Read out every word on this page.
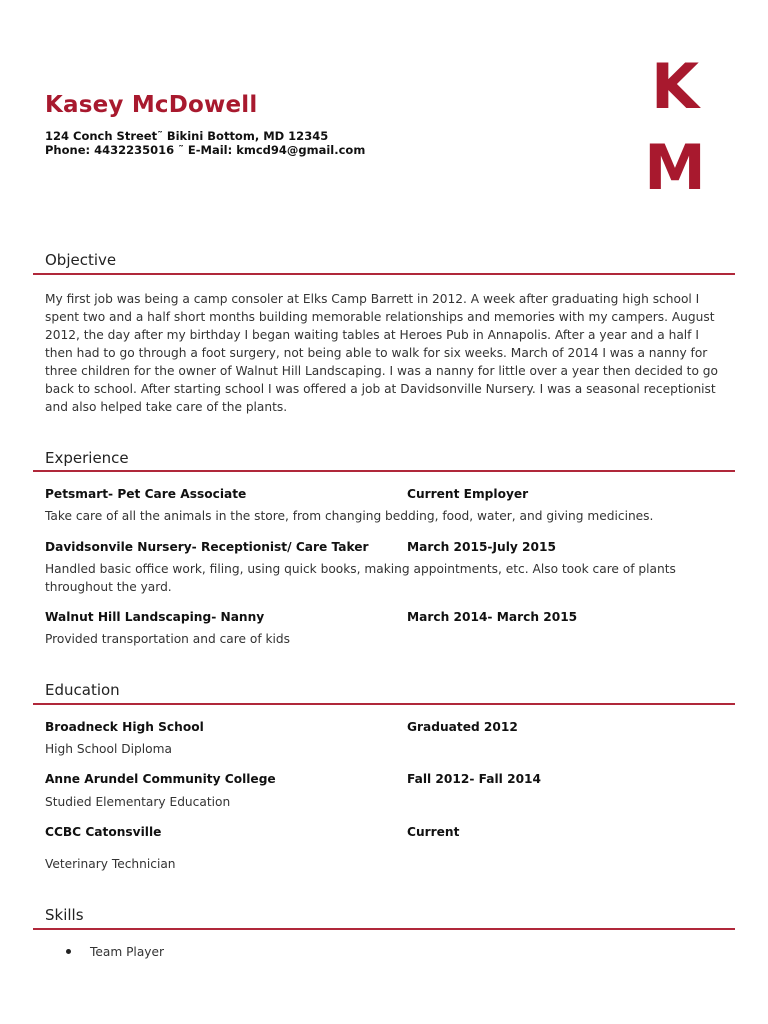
Kasey McDowell
124 Conch Street˜ Bikini Bottom, MD 12345
Phone: 4432235016 ˜ E-Mail: kmcd94@gmail.com
K
M
Objective
My first job was being a camp consoler at Elks Camp Barrett in 2012. A week after graduating high school I spent two and a half short months building memorable relationships and memories with my campers. August 2012, the day after my birthday I began waiting tables at Heroes Pub in Annapolis. After a year and a half I then had to go through a foot surgery, not being able to walk for six weeks. March of 2014 I was a nanny for three children for the owner of Walnut Hill Landscaping. I was a nanny for little over a year then decided to go back to school. After starting school I was offered a job at Davidsonville Nursery. I was a seasonal receptionist and also helped take care of the plants.
Experience
Petsmart- Pet Care Associate	Current Employer
Take care of all the animals in the store, from changing bedding, food, water, and giving medicines.
Davidsonvile Nursery- Receptionist/ Care Taker	March 2015-July 2015
Handled basic office work, filing, using quick books, making appointments, etc. Also took care of plants throughout the yard.
Walnut Hill Landscaping- Nanny	March 2014- March 2015
Provided transportation and care of kids
Education
Broadneck High School	Graduated 2012
High School Diploma
Anne Arundel Community College	Fall 2012- Fall 2014
Studied Elementary Education
CCBC Catonsville	Current
Veterinary Technician
Skills
Team Player
